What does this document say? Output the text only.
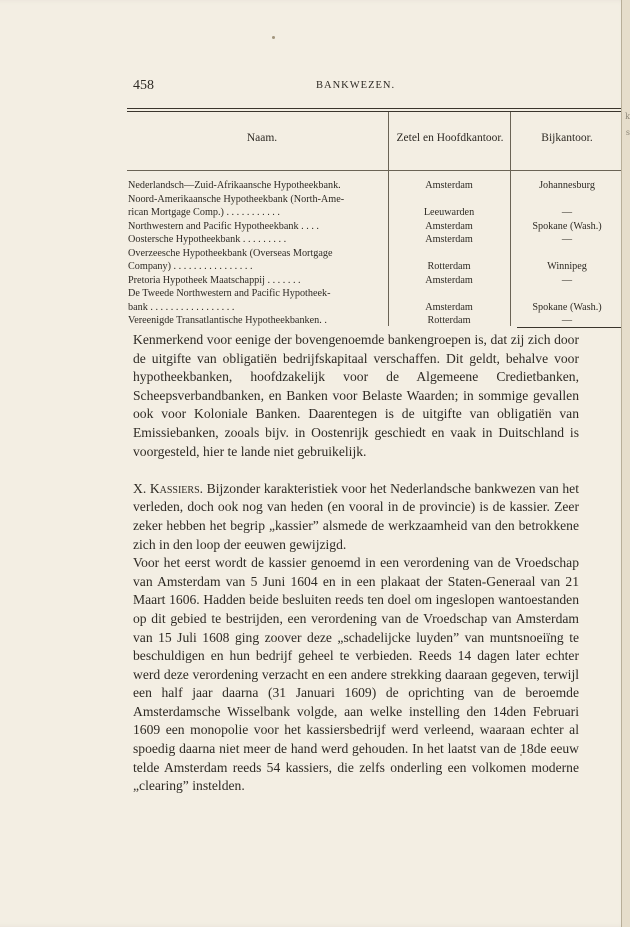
458	BANKWEZEN.
Naam.	Zetel en Hoofdkantoor.	Bijkantoor.
Nederlandsch—Zuid-Afrikaansche Hypotheekbank.	Amsterdam	Johannesburg
Noord-Amerikaansche Hypotheekbank (North-Ame-
rican Mortgage Comp.) . . . . . . . . . . .	Leeuwarden	—
Northwestern and Pacific Hypotheekbank . . . .	Amsterdam	Spokane (Wash.)
Oostersche Hypotheekbank . . . . . . . . .	Amsterdam	—
Overzeesche Hypotheekbank (Overseas Mortgage
Company) . . . . . . . . . . . . . . . .	Rotterdam	Winnipeg
Pretoria Hypotheek Maatschappij . . . . . . .	Amsterdam	—
De Tweede Northwestern and Pacific Hypotheek-
bank . . . . . . . . . . . . . . . . .	Amsterdam	Spokane (Wash.)
Vereenigde Transatlantische Hypotheekbanken. .	Rotterdam	—

Kenmerkend voor eenige der bovengenoemde bankengroepen is, dat zij zich door de uitgifte van obligatiën bedrijfskapitaal verschaffen. Dit geldt, behalve voor hypotheekbanken, hoofdzakelijk voor de Algemeene Credietbanken, Scheepsverbandbanken, en Banken voor Belaste Waarden; in sommige gevallen ook voor Koloniale Banken. Daarentegen is de uitgifte van obligatiën van Emissiebanken, zooals bijv. in Oostenrijk geschiedt en vaak in Duitschland is voorgesteld, hier te lande niet gebruikelijk.

X. Kassiers. Bijzonder karakteristiek voor het Nederlandsche bankwezen van het verleden, doch ook nog van heden (en vooral in de provincie) is de kassier. Zeer zeker hebben het begrip „kassier” alsmede de werkzaamheid van den betrokkene zich in den loop der eeuwen gewijzigd.

Voor het eerst wordt de kassier genoemd in een verordening van de Vroedschap van Amsterdam van 5 Juni 1604 en in een plakaat der Staten-Generaal van 21 Maart 1606. Hadden beide besluiten reeds ten doel om ingeslopen wantoestanden op dit gebied te bestrijden, een verordening van de Vroedschap van Amsterdam van 15 Juli 1608 ging zoover deze „schadelijcke luyden” van muntsnoeiïng te beschuldigen en hun bedrijf geheel te verbieden. Reeds 14 dagen later echter werd deze verordening verzacht en een andere strekking daaraan gegeven, terwijl een half jaar daarna (31 Januari 1609) de oprichting van de beroemde Amsterdamsche Wisselbank volgde, aan welke instelling den 14den Februari 1609 een monopolie voor het kassiersbedrijf werd verleend, waaraan echter al spoedig daarna niet meer de hand werd gehouden. In het laatst van de 18de eeuw telde Amsterdam reeds 54 kassiers, die zelfs onderling een volkomen moderne „clearing” instelden.

k
s
